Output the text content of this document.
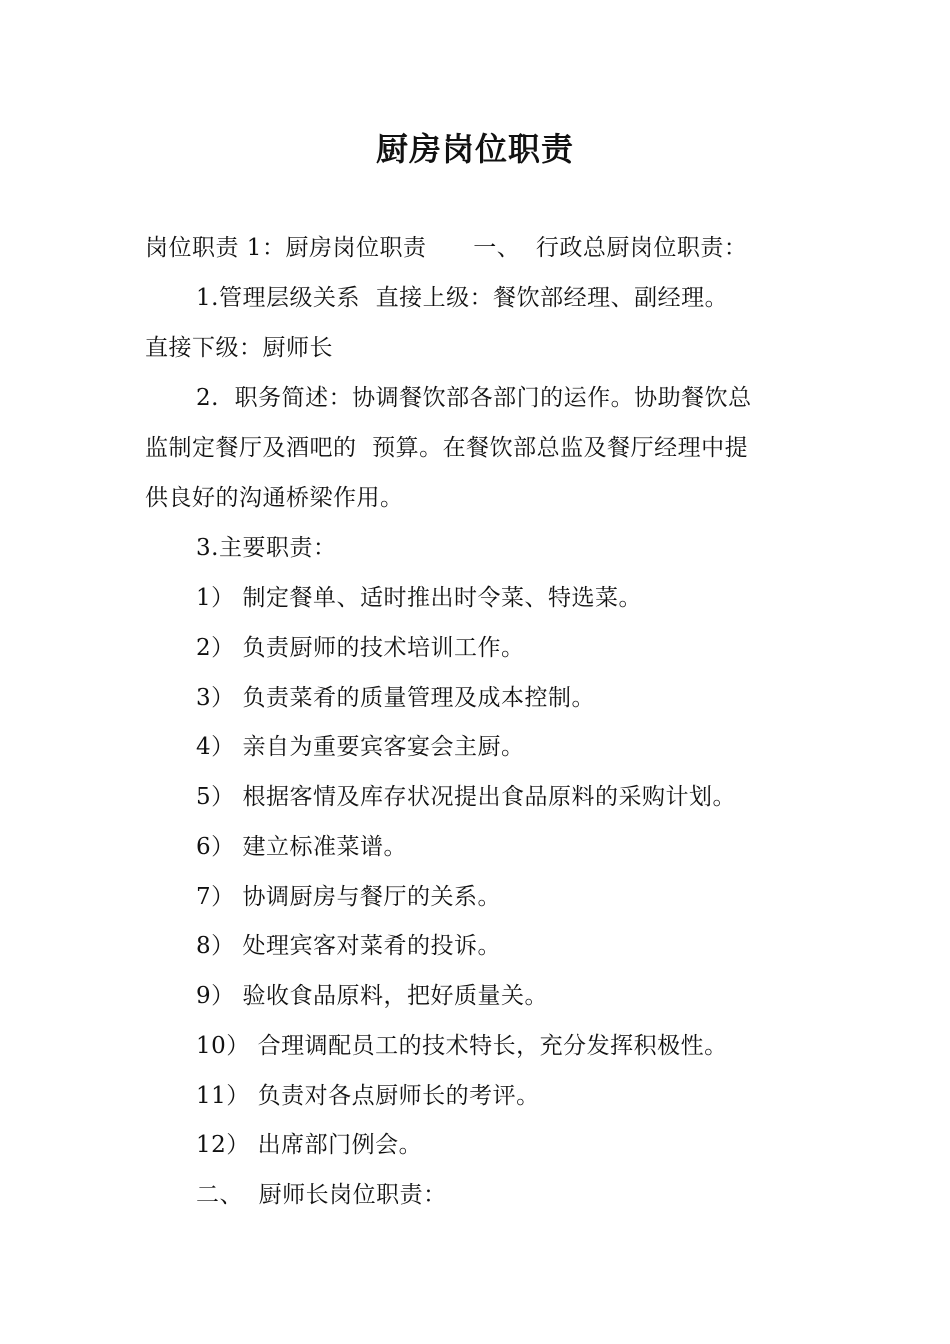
厨房岗位职责
岗位职责 1：厨房岗位职责      一、  行政总厨岗位职责：
1.管理层级关系  直接上级：餐饮部经理、副经理。
直接下级：厨师长
2.  职务简述：协调餐饮部各部门的运作。协助餐饮总
监制定餐厅及酒吧的  预算。在餐饮部总监及餐厅经理中提
供良好的沟通桥梁作用。
3.主要职责：
1） 制定餐单、适时推出时令菜、特选菜。
2） 负责厨师的技术培训工作。
3） 负责菜肴的质量管理及成本控制。
4） 亲自为重要宾客宴会主厨。
5） 根据客情及库存状况提出食品原料的采购计划。
6） 建立标准菜谱。
7） 协调厨房与餐厅的关系。
8） 处理宾客对菜肴的投诉。
9） 验收食品原料，把好质量关。
10） 合理调配员工的技术特长，充分发挥积极性。
11） 负责对各点厨师长的考评。
12） 出席部门例会。
二、  厨师长岗位职责：
